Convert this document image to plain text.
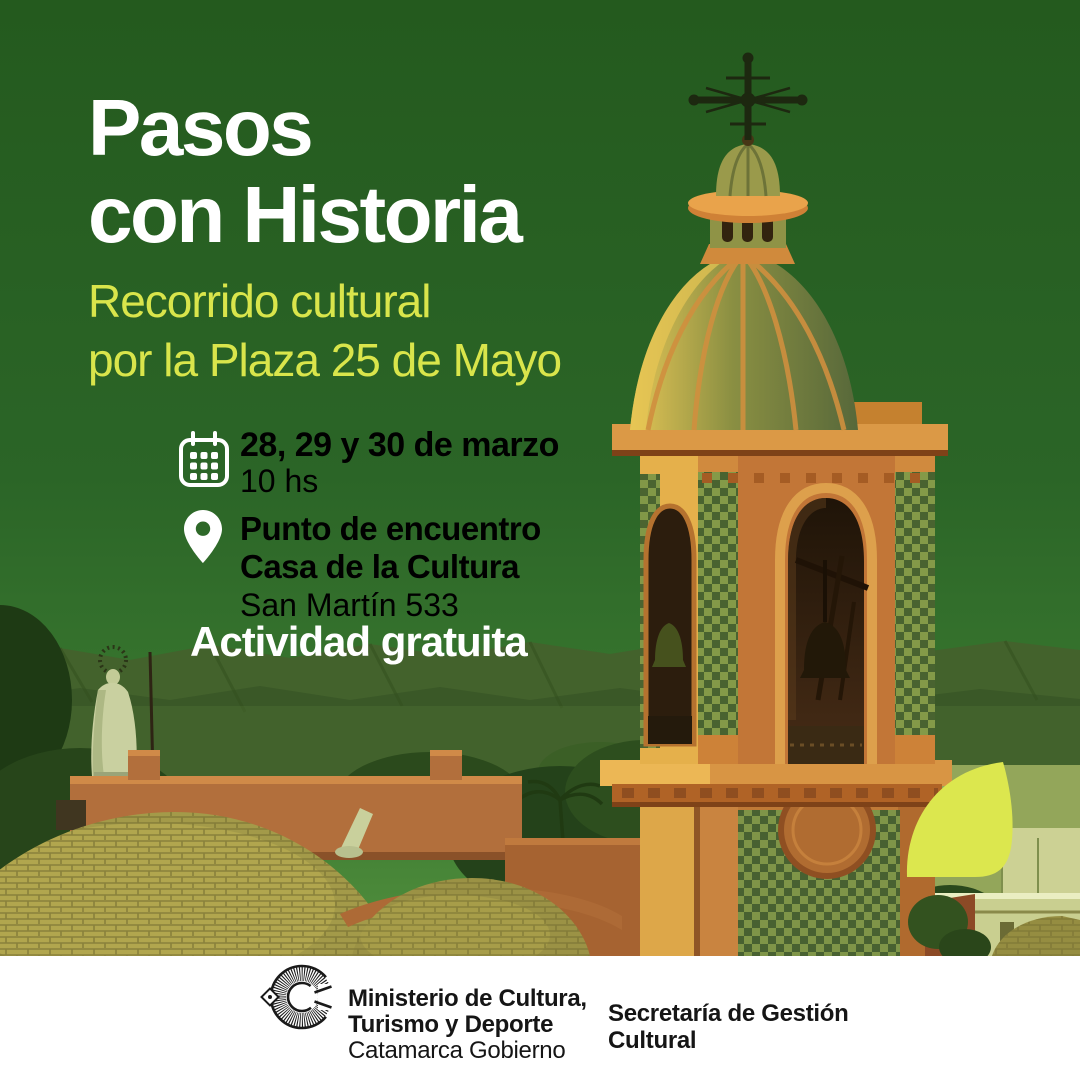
Pasos
con Historia
Recorrido cultural
por la Plaza 25 de Mayo
28, 29 y 30 de marzo
10 hs
Punto de encuentro
Casa de la Cultura
San Martín 533
Actividad gratuita
Ministerio de Cultura,
Turismo y Deporte
Catamarca Gobierno
Secretaría de Gestión
Cultural
